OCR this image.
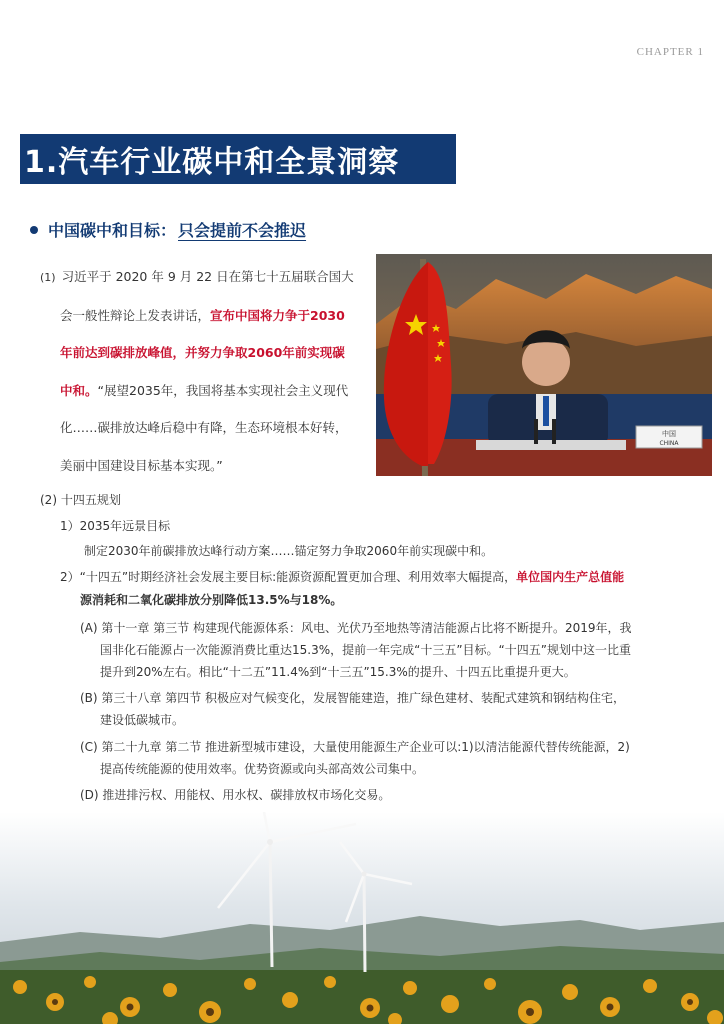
CHAPTER 1
1.汽车行业碳中和全景洞察
中国碳中和目标： 只会提前不会推迟
(1) 习近平于 2020 年 9 月 22 日在第七十五届联合国大
会一般性辩论上发表讲话，宣布中国将力争于2030
年前达到碳排放峰值，并努力争取2060年前实现碳
中和。“展望2035年，我国将基本实现社会主义现代
化……碳排放达峰后稳中有降，生态环境根本好转，
美丽中国建设目标基本实现。”
中国
CHINA
(2) 十四五规划
1）2035年远景目标
制定2030年前碳排放达峰行动方案……锚定努力争取2060年前实现碳中和。
2）“十四五”时期经济社会发展主要目标:能源资源配置更加合理、利用效率大幅提高，单位国内生产总值能
源消耗和二氧化碳排放分别降低13.5%与18%。
(A) 第十一章 第三节 构建现代能源体系：风电、光伏乃至地热等清洁能源占比将不断提升。2019年，我
国非化石能源占一次能源消费比重达15.3%，提前一年完成“十三五”目标。“十四五”规划中这一比重
提升到20%左右。相比“十二五”11.4%到“十三五”15.3%的提升、十四五比重提升更大。
(B) 第三十八章 第四节 积极应对气候变化，发展智能建造，推广绿色建材、装配式建筑和钢结构住宅，
建设低碳城市。
(C) 第二十九章 第二节 推进新型城市建设，大量使用能源生产企业可以:1)以清洁能源代替传统能源，2)
提高传统能源的使用效率。优势资源或向头部高效公司集中。
(D) 推进排污权、用能权、用水权、碳排放权市场化交易。
